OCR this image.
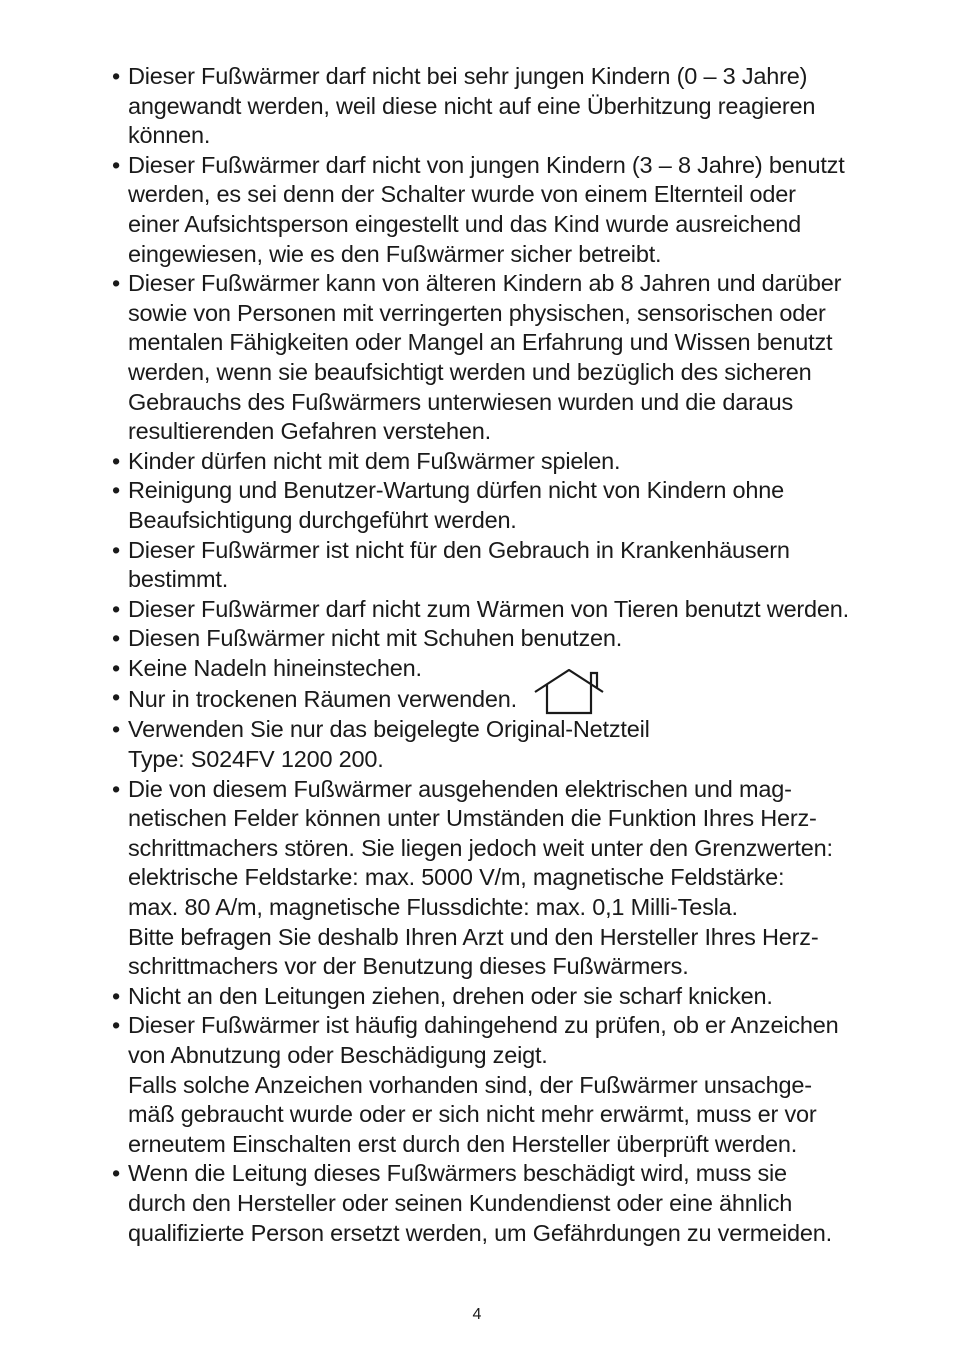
• Dieser Fußwärmer darf nicht bei sehr jungen Kindern (0 – 3 Jahre)
angewandt werden, weil diese nicht auf eine Überhitzung reagieren
können.
• Dieser Fußwärmer darf nicht von jungen Kindern (3 – 8 Jahre) benutzt
werden, es sei denn der Schalter wurde von einem Elternteil oder
einer Aufsichtsperson eingestellt und das Kind wurde ausreichend
eingewiesen, wie es den Fußwärmer sicher betreibt.
• Dieser Fußwärmer kann von älteren Kindern ab 8 Jahren und darüber
sowie von Personen mit verringerten physischen, sensorischen oder
mentalen Fähigkeiten oder Mangel an Erfahrung und Wissen benutzt
werden, wenn sie beaufsichtigt werden und bezüglich des sicheren
Gebrauchs des Fußwärmers unterwiesen wurden und die daraus
resultierenden Gefahren verstehen.
• Kinder dürfen nicht mit dem Fußwärmer spielen.
• Reinigung und Benutzer-Wartung dürfen nicht von Kindern ohne
Beaufsichtigung durchgeführt werden.
• Dieser Fußwärmer ist nicht für den Gebrauch in Krankenhäusern
bestimmt.
• Dieser Fußwärmer darf nicht zum Wärmen von Tieren benutzt werden.
• Diesen Fußwärmer nicht mit Schuhen benutzen.
• Keine Nadeln hineinstechen.
• Nur in trockenen Räumen verwenden.
• Verwenden Sie nur das beigelegte Original-Netzteil
Type: S024FV 1200 200.
• Die von diesem Fußwärmer ausgehenden elektrischen und mag-
netischen Felder können unter Umständen die Funktion Ihres Herz-
schrittmachers stören. Sie liegen jedoch weit unter den Grenzwerten:
elektrische Feldstarke: max. 5000 V/m, magnetische Feldstärke:
max. 80 A/m, magnetische Flussdichte: max. 0,1 Milli-Tesla.
Bitte befragen Sie deshalb Ihren Arzt und den Hersteller Ihres Herz-
schrittmachers vor der Benutzung dieses Fußwärmers.
• Nicht an den Leitungen ziehen, drehen oder sie scharf knicken.
• Dieser Fußwärmer ist häufig dahingehend zu prüfen, ob er Anzeichen
von Abnutzung oder Beschädigung zeigt.
Falls solche Anzeichen vorhanden sind, der Fußwärmer unsachge-
mäß gebraucht wurde oder er sich nicht mehr erwärmt, muss er vor
erneutem Einschalten erst durch den Hersteller überprüft werden.
• Wenn die Leitung dieses Fußwärmers beschädigt wird, muss sie
durch den Hersteller oder seinen Kundendienst oder eine ähnlich
qualifizierte Person ersetzt werden, um Gefährdungen zu vermeiden.
4
